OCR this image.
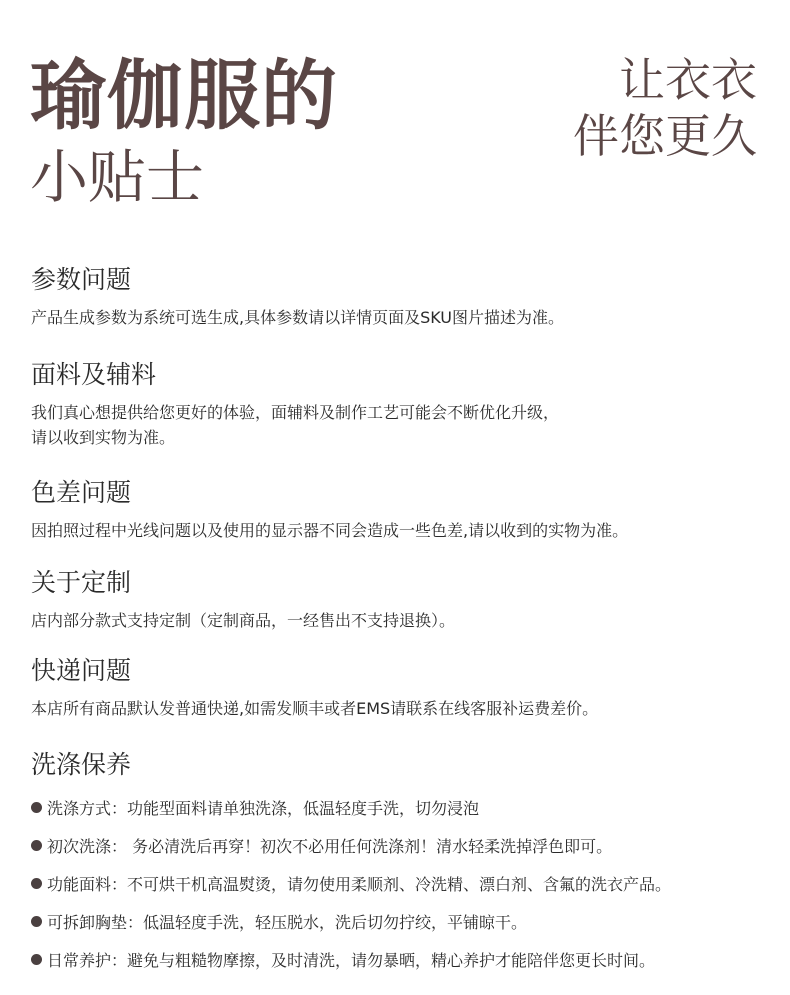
瑜伽服的
小贴士
让衣衣
伴您更久
参数问题
产品生成参数为系统可选生成,具体参数请以详情页面及SKU图片描述为准。
面料及辅料
我们真心想提供给您更好的体验，面辅料及制作工艺可能会不断优化升级，
请以收到实物为准。
色差问题
因拍照过程中光线问题以及使用的显示器不同会造成一些色差,请以收到的实物为准。
关于定制
店内部分款式支持定制（定制商品，一经售出不支持退换）。
快递问题
本店所有商品默认发普通快递,如需发顺丰或者EMS请联系在线客服补运费差价。
洗涤保养
洗涤方式：功能型面料请单独洗涤，低温轻度手洗，切勿浸泡
初次洗涤： 务必清洗后再穿！初次不必用任何洗涤剂！清水轻柔洗掉浮色即可。
功能面料：不可烘干机高温熨烫，请勿使用柔顺剂、冷洗精、漂白剂、含氟的洗衣产品。
可拆卸胸垫：低温轻度手洗，轻压脱水，洗后切勿拧绞，平铺晾干。
日常养护：避免与粗糙物摩擦，及时清洗，请勿暴晒，精心养护才能陪伴您更长时间。
